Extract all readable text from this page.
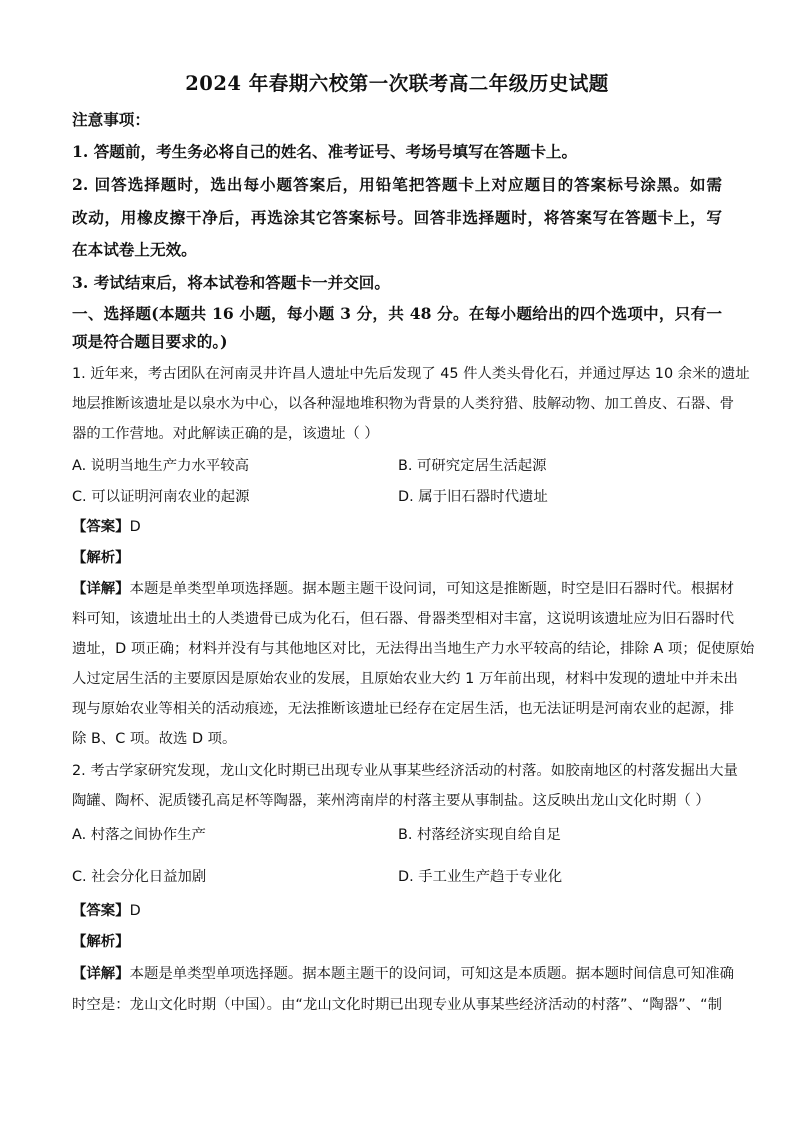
2024 年春期六校第一次联考高二年级历史试题
注意事项：
1. 答题前，考生务必将自己的姓名、准考证号、考场号填写在答题卡上。
2. 回答选择题时，选出每小题答案后，用铅笔把答题卡上对应题目的答案标号涂黑。如需
改动，用橡皮擦干净后，再选涂其它答案标号。回答非选择题时，将答案写在答题卡上，写
在本试卷上无效。
3. 考试结束后，将本试卷和答题卡一并交回。
一、选择题(本题共 16 小题，每小题 3 分，共 48 分。在每小题给出的四个选项中，只有一
项是符合题目要求的。)
1. 近年来，考古团队在河南灵井许昌人遗址中先后发现了 45 件人类头骨化石，并通过厚达 10 余米的遗址
地层推断该遗址是以泉水为中心，以各种湿地堆积物为背景的人类狩猎、肢解动物、加工兽皮、石器、骨
器的工作营地。对此解读正确的是，该遗址（ ）
A. 说明当地生产力水平较高	B. 可研究定居生活起源
C. 可以证明河南农业的起源	D. 属于旧石器时代遗址
【答案】D
【解析】
【详解】本题是单类型单项选择题。据本题主题干设问词，可知这是推断题，时空是旧石器时代。根据材
料可知，该遗址出土的人类遗骨已成为化石，但石器、骨器类型相对丰富，这说明该遗址应为旧石器时代
遗址，D 项正确；材料并没有与其他地区对比，无法得出当地生产力水平较高的结论，排除 A 项；促使原始
人过定居生活的主要原因是原始农业的发展，且原始农业大约 1 万年前出现，材料中发现的遗址中并未出
现与原始农业等相关的活动痕迹，无法推断该遗址已经存在定居生活，也无法证明是河南农业的起源，排
除 B、C 项。故选 D 项。
2. 考古学家研究发现，龙山文化时期已出现专业从事某些经济活动的村落。如胶南地区的村落发掘出大量
陶罐、陶杯、泥质镂孔高足杯等陶器，莱州湾南岸的村落主要从事制盐。这反映出龙山文化时期（ ）
A. 村落之间协作生产	B. 村落经济实现自给自足
C. 社会分化日益加剧	D. 手工业生产趋于专业化
【答案】D
【解析】
【详解】本题是单类型单项选择题。据本题主题干的设问词，可知这是本质题。据本题时间信息可知准确
时空是：龙山文化时期（中国）。由“龙山文化时期已出现专业从事某些经济活动的村落”、“陶器”、“制
